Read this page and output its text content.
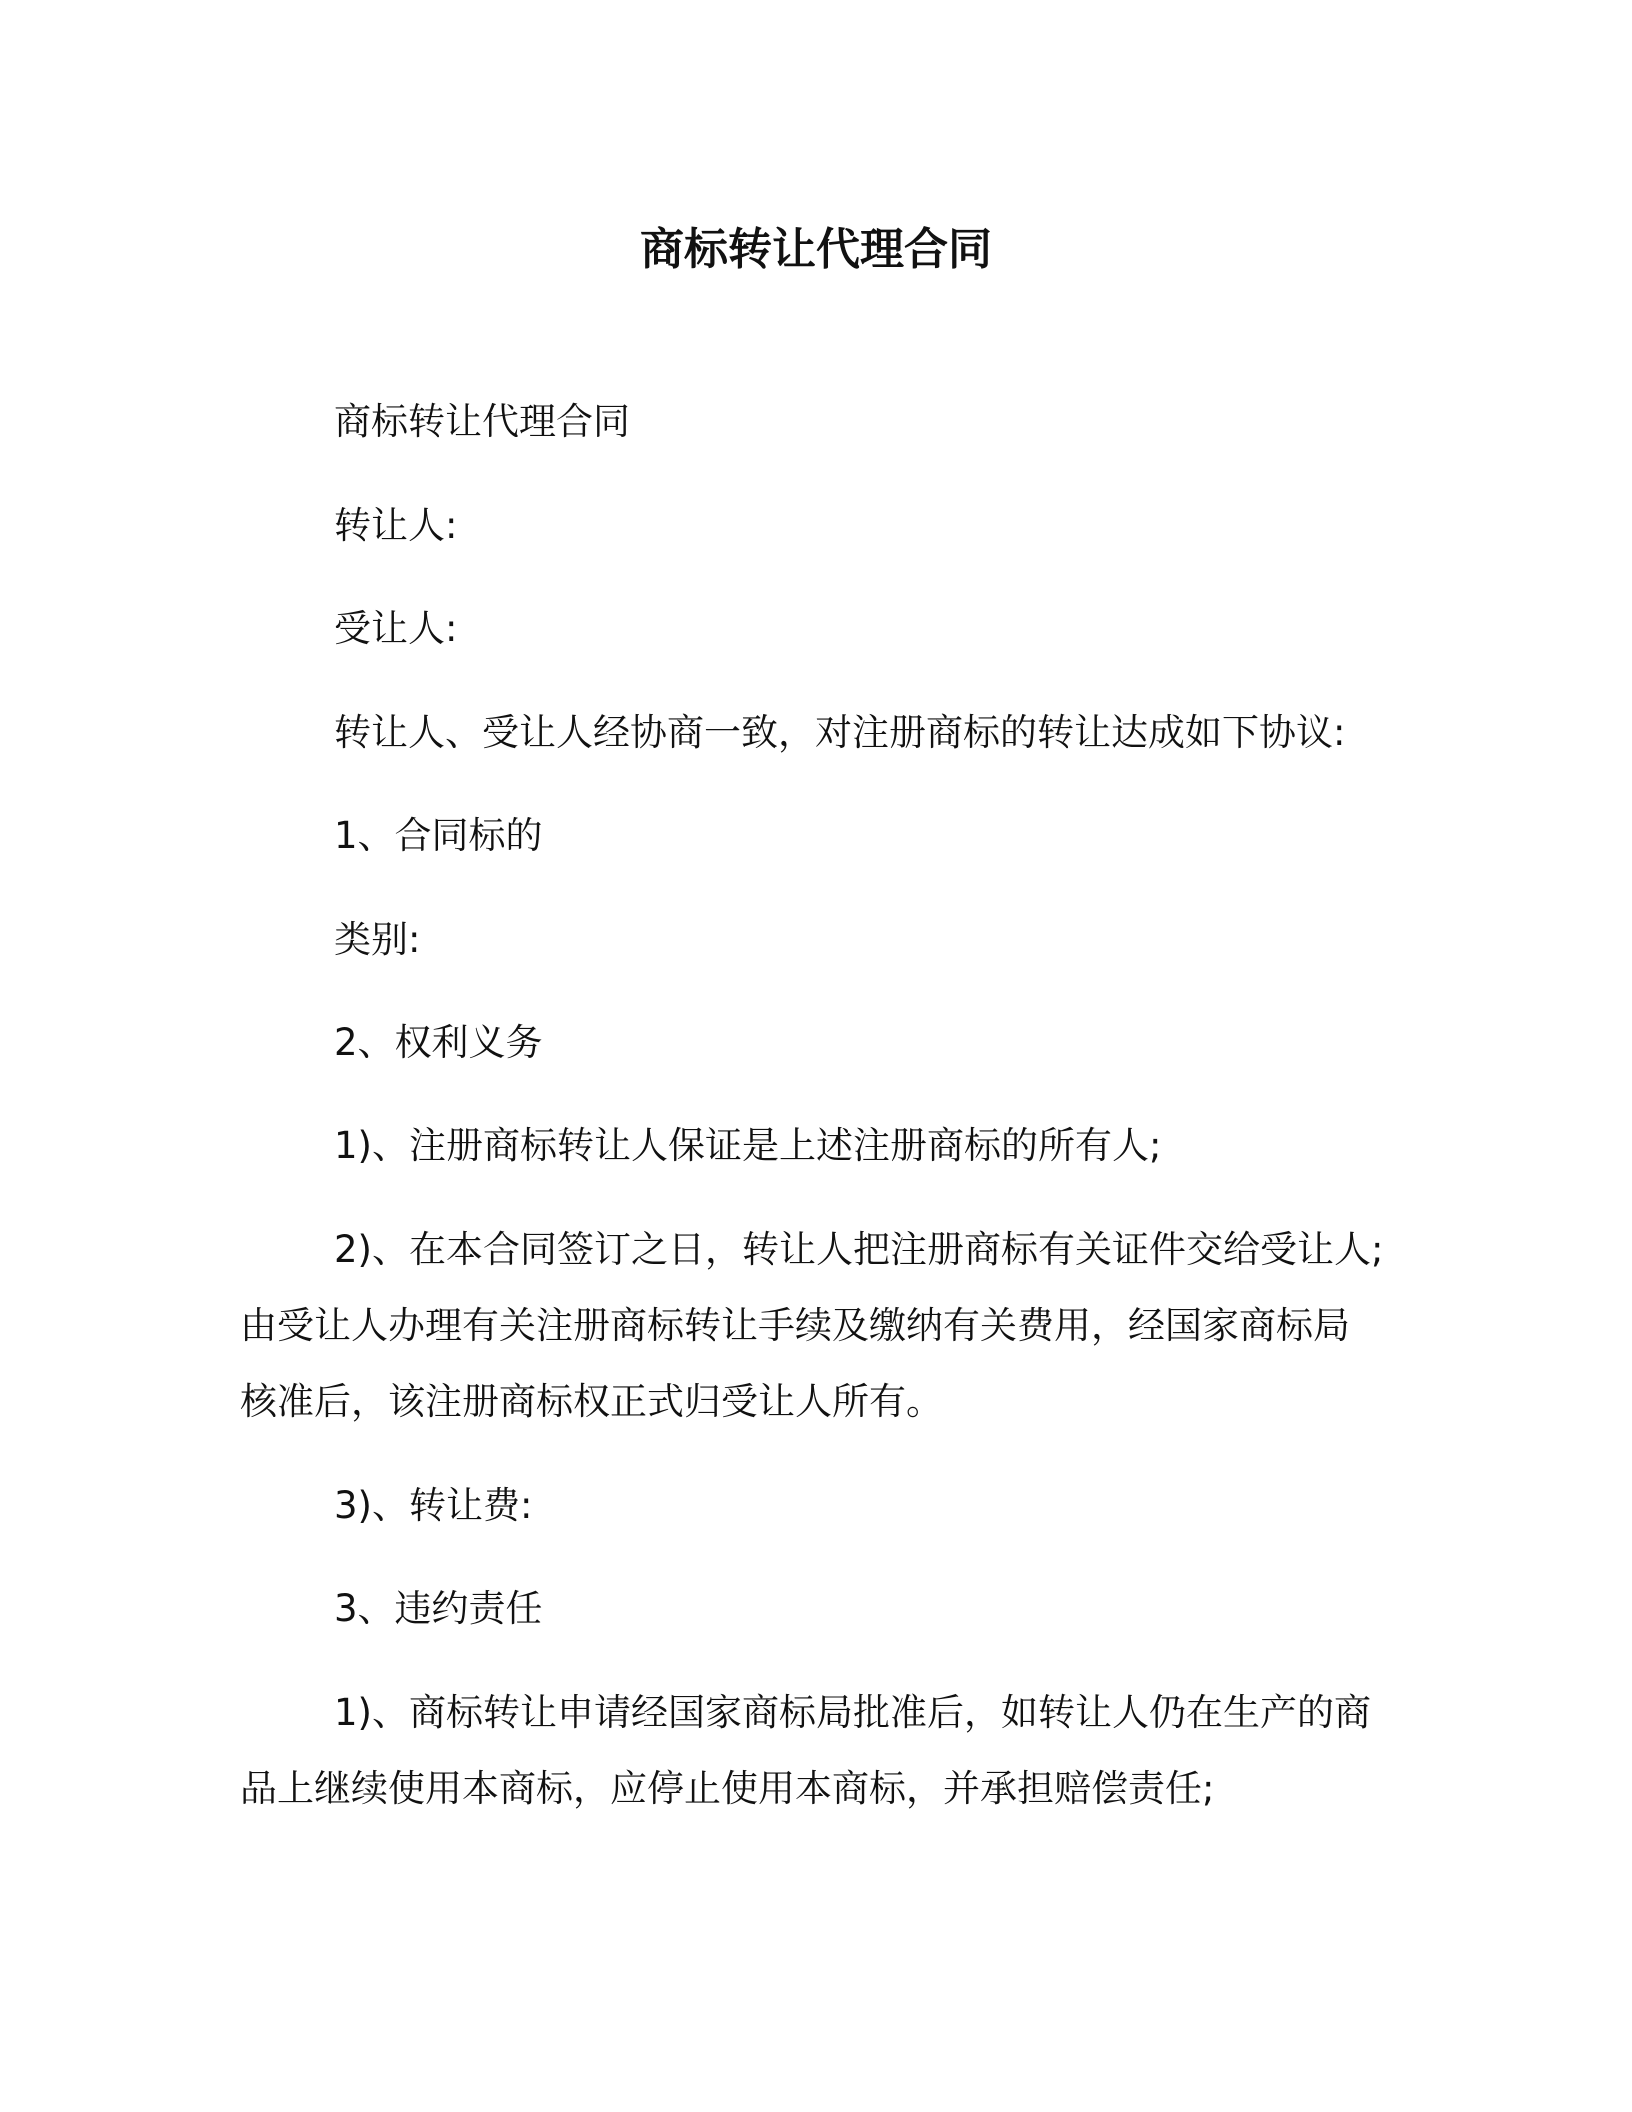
商标转让代理合同
商标转让代理合同
转让人:
受让人:
转让人、受让人经协商一致，对注册商标的转让达成如下协议:
1、合同标的
类别:
2、权利义务
1)、注册商标转让人保证是上述注册商标的所有人;
2)、在本合同签订之日，转让人把注册商标有关证件交给受让人;
由受让人办理有关注册商标转让手续及缴纳有关费用，经国家商标局
核准后，该注册商标权正式归受让人所有。
3)、转让费:
3、违约责任
1)、商标转让申请经国家商标局批准后，如转让人仍在生产的商
品上继续使用本商标，应停止使用本商标，并承担赔偿责任;
